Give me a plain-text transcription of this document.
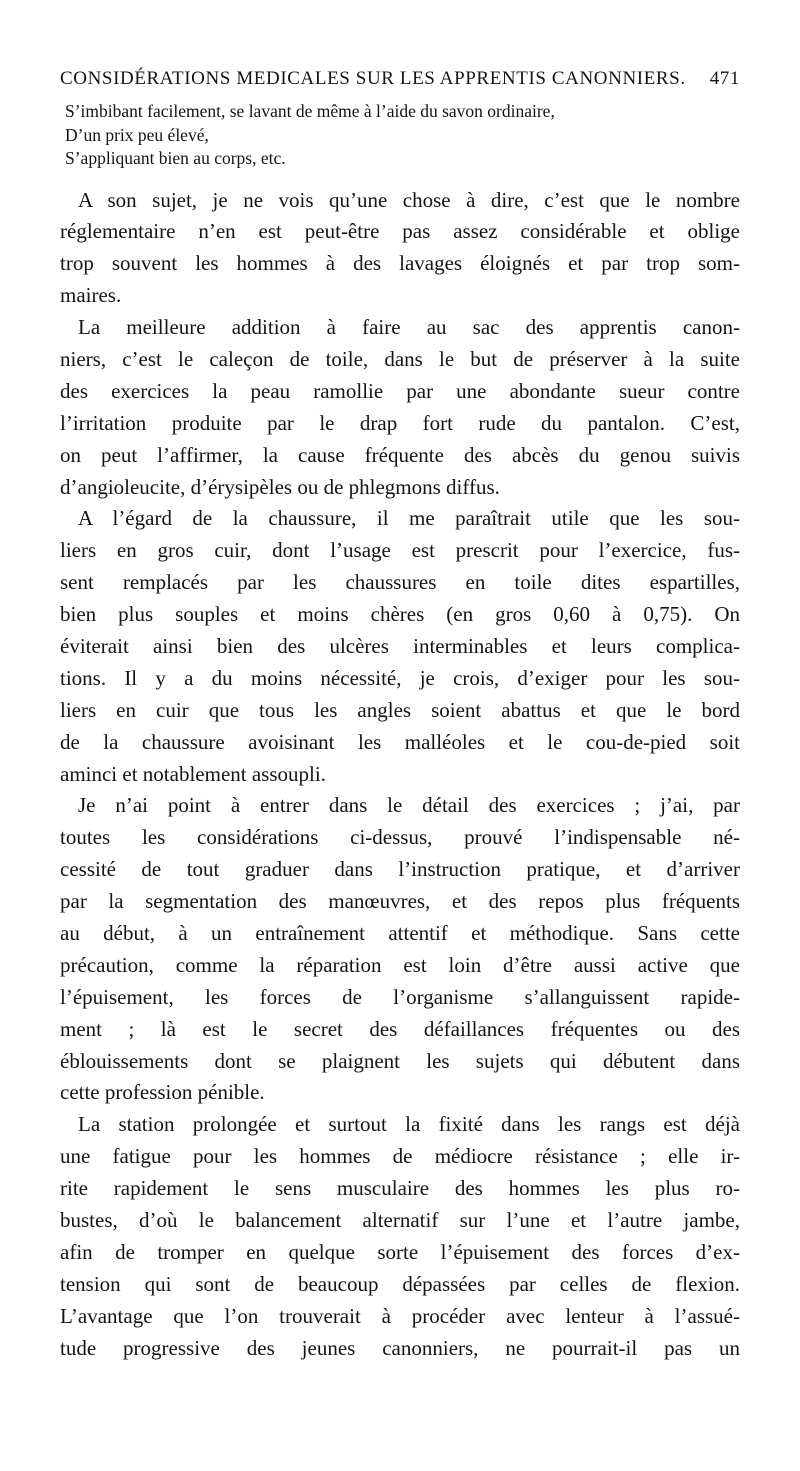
CONSIDÉRATIONS MEDICALES SUR LES APPRENTIS CANONNIERS. 471
S’imbibant facilement, se lavant de même à l’aide du savon ordinaire,
D’un prix peu élevé,
S’appliquant bien au corps, etc.
A son sujet, je ne vois qu’une chose à dire, c’est que le nombre
réglementaire n’en est peut-être pas assez considérable et oblige
trop souvent les hommes à des lavages éloignés et par trop som-
maires.
La meilleure addition à faire au sac des apprentis canon-
niers, c’est le caleçon de toile, dans le but de préserver à la suite
des exercices la peau ramollie par une abondante sueur contre
l’irritation produite par le drap fort rude du pantalon. C’est,
on peut l’affirmer, la cause fréquente des abcès du genou suivis
d’angioleucite, d’érysipèles ou de phlegmons diffus.
A l’égard de la chaussure, il me paraîtrait utile que les sou-
liers en gros cuir, dont l’usage est prescrit pour l’exercice, fus-
sent remplacés par les chaussures en toile dites espartilles,
bien plus souples et moins chères (en gros 0,60 à 0,75). On
éviterait ainsi bien des ulcères interminables et leurs complica-
tions. Il y a du moins nécessité, je crois, d’exiger pour les sou-
liers en cuir que tous les angles soient abattus et que le bord
de la chaussure avoisinant les malléoles et le cou-de-pied soit
aminci et notablement assoupli.
Je n’ai point à entrer dans le détail des exercices ; j’ai, par
toutes les considérations ci-dessus, prouvé l’indispensable né-
cessité de tout graduer dans l’instruction pratique, et d’arriver
par la segmentation des manœuvres, et des repos plus fréquents
au début, à un entraînement attentif et méthodique. Sans cette
précaution, comme la réparation est loin d’être aussi active que
l’épuisement, les forces de l’organisme s’allanguissent rapide-
ment ; là est le secret des défaillances fréquentes ou des
éblouissements dont se plaignent les sujets qui débutent dans
cette profession pénible.
La station prolongée et surtout la fixité dans les rangs est déjà
une fatigue pour les hommes de médiocre résistance ; elle ir-
rite rapidement le sens musculaire des hommes les plus ro-
bustes, d’où le balancement alternatif sur l’une et l’autre jambe,
afin de tromper en quelque sorte l’épuisement des forces d’ex-
tension qui sont de beaucoup dépassées par celles de flexion.
L’avantage que l’on trouverait à procéder avec lenteur à l’assué-
tude progressive des jeunes canonniers, ne pourrait-il pas un
